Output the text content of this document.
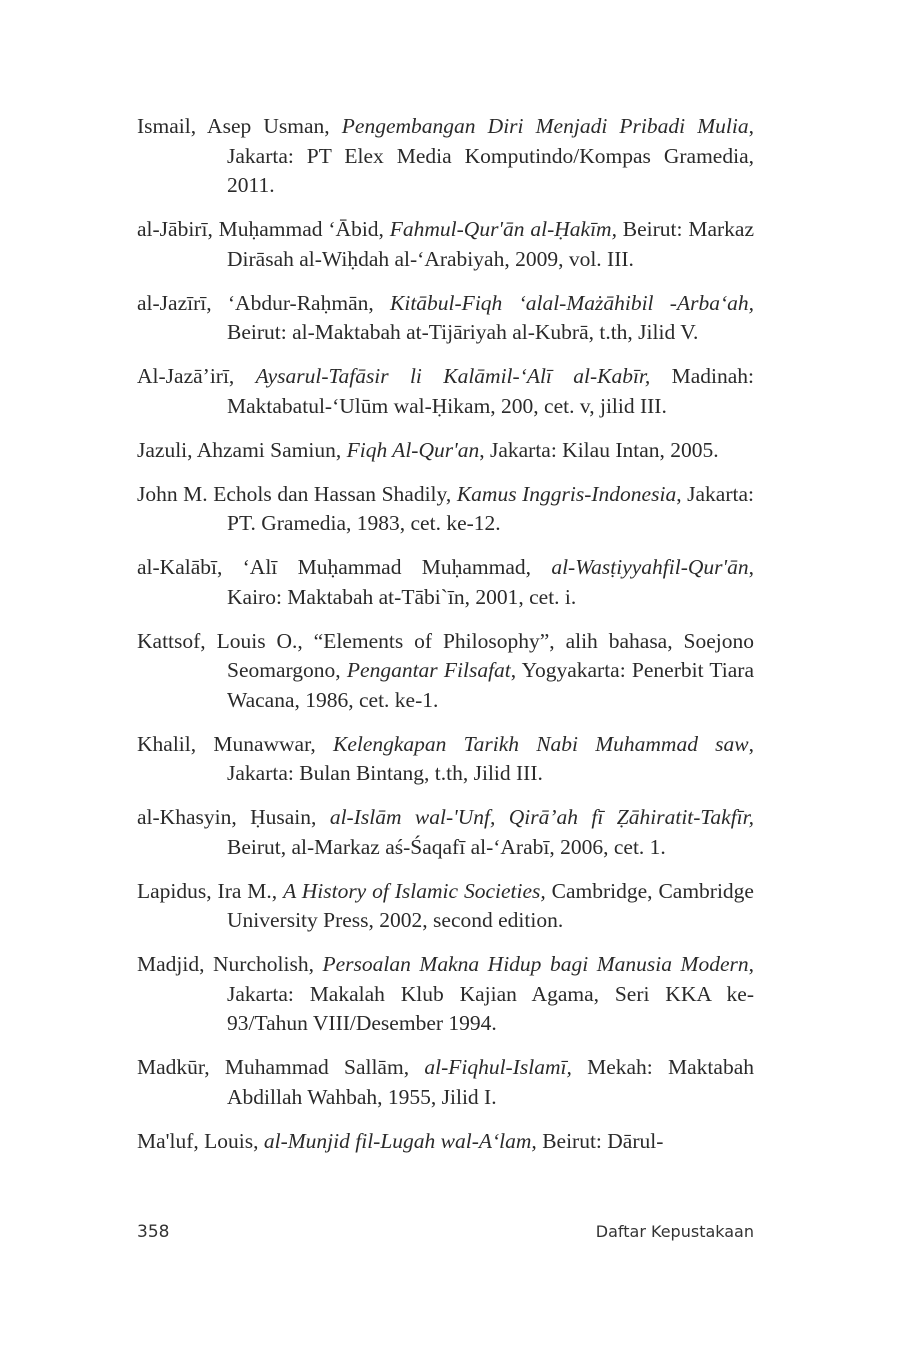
Ismail, Asep Usman, Pengembangan Diri Menjadi Pribadi Mulia, Jakarta: PT Elex Media Komputindo/Kompas Gramedia, 2011.

al-Jābirī, Muḥammad ‘Ābid, Fahmul-Qur'ān al-Ḥakīm, Beirut: Markaz Dirāsah al-Wiḥdah al-‘Arabiyah, 2009, vol. III.

al-Jazīrī, ‘Abdur-Raḥmān, Kitābul-Fiqh ‘alal-Mażāhibil -Arba‘ah, Beirut: al-Maktabah at-Tijāriyah al-Kubrā, t.th, Jilid V.

Al-Jazā’irī, Aysarul-Tafāsir li Kalāmil-‘Alī al-Kabīr, Madinah: Maktabatul-‘Ulūm wal-Ḥikam, 200, cet. v, jilid III.

Jazuli, Ahzami Samiun, Fiqh Al-Qur'an, Jakarta: Kilau Intan, 2005.

John M. Echols dan Hassan Shadily, Kamus Inggris-Indonesia, Jakarta: PT. Gramedia, 1983, cet. ke-12.

al-Kalābī, ‘Alī Muḥammad Muḥammad, al-Wasṭiyyahfil-Qur'ān, Kairo: Maktabah at-Tābi`īn, 2001, cet. i.

Kattsof, Louis O., “Elements of Philosophy”, alih bahasa, Soejono Seomargono, Pengantar Filsafat, Yogyakarta: Penerbit Tiara Wacana, 1986, cet. ke-1.

Khalil, Munawwar, Kelengkapan Tarikh Nabi Muhammad saw, Jakarta: Bulan Bintang, t.th, Jilid III.

al-Khasyin, Ḥusain, al-Islām wal-'Unf, Qirā’ah fī Ẓāhiratit-Takfīr, Beirut, al-Markaz aś-Śaqafī al-‘Arabī, 2006, cet. 1.

Lapidus, Ira M., A History of Islamic Societies, Cambridge, Cambridge University Press, 2002, second edition.

Madjid, Nurcholish, Persoalan Makna Hidup bagi Manusia Modern, Jakarta: Makalah Klub Kajian Agama, Seri KKA ke-93/Tahun VIII/Desember 1994.

Madkūr, Muhammad Sallām, al-Fiqhul-Islamī, Mekah: Maktabah Abdillah Wahbah, 1955, Jilid I.

Ma'luf, Louis, al-Munjid fil-Lugah wal-A‘lam, Beirut: Dārul-

358	Daftar Kepustakaan
